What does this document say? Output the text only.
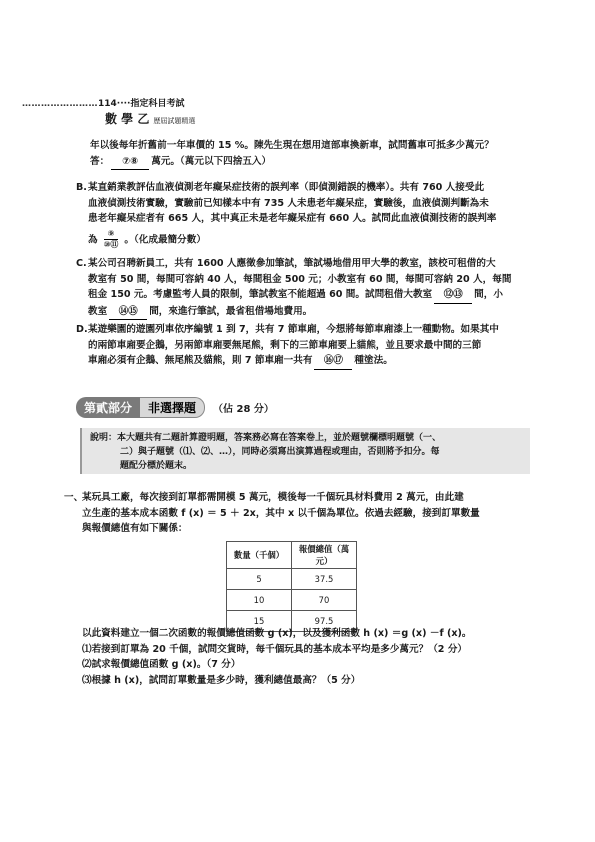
……………………114····指定科目考試
數 學 乙 歷屆試題精選
年以後每年折舊前一年車價的 15 %。陳先生現在想用這部車換新車，試問舊車可抵多少萬元？
答： ⑦⑧ 萬元。（萬元以下四捨五入）
B. 某直銷業教評估血液偵測老年癡呆症技術的誤判率（即偵測錯誤的機率）。共有 760 人接受此
血液偵測技術實驗，實驗前已知樣本中有 735 人未患老年癡呆症，實驗後，血液偵測判斷為未
患老年癡呆症者有 665 人，其中真正未是老年癡呆症有 660 人。試問此血液偵測技術的誤判率
為 $\frac{\text{⑨}}{\text{⑩⑪}}$ 。（化成最簡分數）
C. 某公司召聘新員工，共有 1600 人應徵參加筆試，筆試場地借用甲大學的教室，該校可租借的大
教室有 50 間，每間可容納 40 人，每間租金 500 元；小教室有 60 間，每間可容納 20 人，每間
租金 150 元。考慮監考人員的限制，筆試教室不能超過 60 間。試問租借大教室 ⑫⑬ 間，小
教室 ⑭⑮ 間，來進行筆試，最省租借場地費用。
D. 某遊樂園的遊園列車依序編號 1 到 7，共有 7 節車廂，今想將每節車廂漆上一種動物。如果其中
的兩節車廂要企鵝，另兩節車廂要無尾熊，剩下的三節車廂要上貓熊，並且要求最中間的三節
車廂必須有企鵝、無尾熊及貓熊，則 7 節車廂一共有 ⑯⑰ 種塗法。
第貳部分	非選擇題	（佔 28 分）
說明：本大題共有二題計算證明題，答案務必寫在答案卷上，並於題號欄標明題號（一、
二）與子題號（⑴、⑵、…），同時必須寫出演算過程或理由，否則將予扣分。每
題配分標於題末。
一、
某玩具工廠，每次接到訂單都需開模 5 萬元，模後每一千個玩具材料費用 2 萬元，由此建
立生產的基本成本函數 f (x) ＝ 5 ＋ 2x，其中 x 以千個為單位。依過去經驗，接到訂單數量
與報價總值有如下關係：
數量（千個）	報價總值（萬元）
5	37.5
10	70
15	97.5
以此資料建立一個二次函數的報價總值函數 g (x)，以及獲利函數 h (x) ＝g (x) －f (x)。
⑴若接到訂單為 20 千個，試問交貨時，每千個玩具的基本成本平均是多少萬元？（2 分）
⑵試求報價總值函數 g (x)。（7 分）
⑶根據 h (x)，試問訂單數量是多少時，獲利總值最高？（5 分）
